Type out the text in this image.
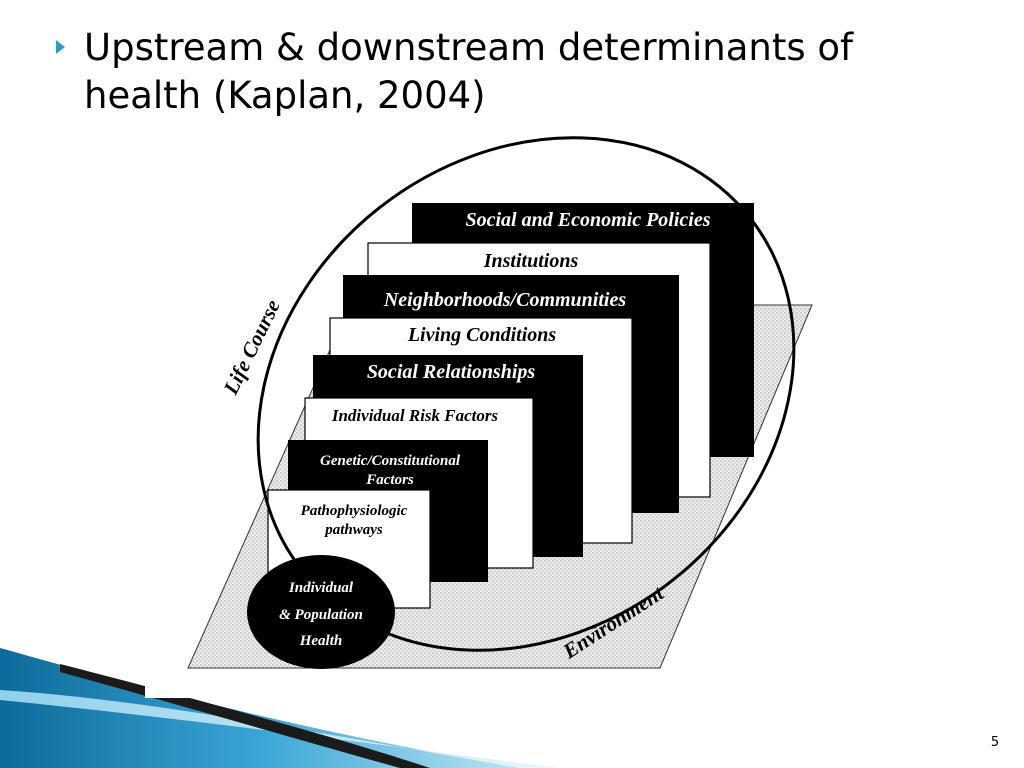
Upstream & downstream determinants of health (Kaplan, 2004)
Social and Economic Policies
Institutions
Neighborhoods/Communities
Living Conditions
Social Relationships
Individual Risk Factors
Genetic/Constitutional
Factors
Pathophysiologic
pathways
Individual
& Population
Health
Life Course
Environment
5
